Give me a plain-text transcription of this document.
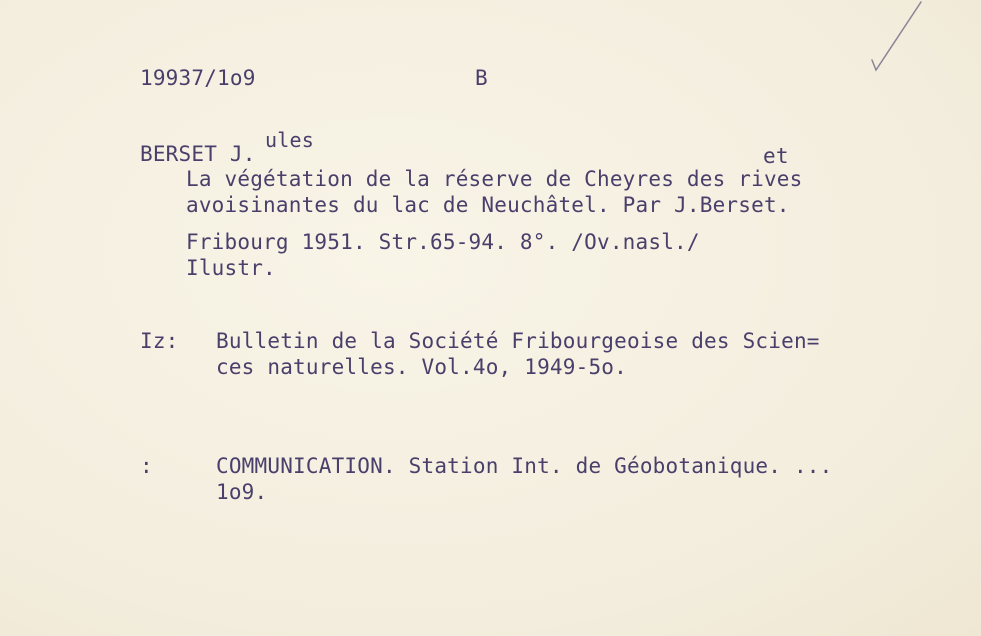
19937/1o9	B
ules
BERSET J.	et
La végétation de la réserve de Cheyres des rives
avoisinantes du lac de Neuchâtel. Par J.Berset.
Fribourg 1951. Str.65-94. 8°. /Ov.nasl./
Ilustr.
Iz: Bulletin de la Société Fribourgeoise des Scien=
ces naturelles. Vol.4o, 1949-5o.
:	COMMUNICATION. Station Int. de Géobotanique. ...
1o9.
